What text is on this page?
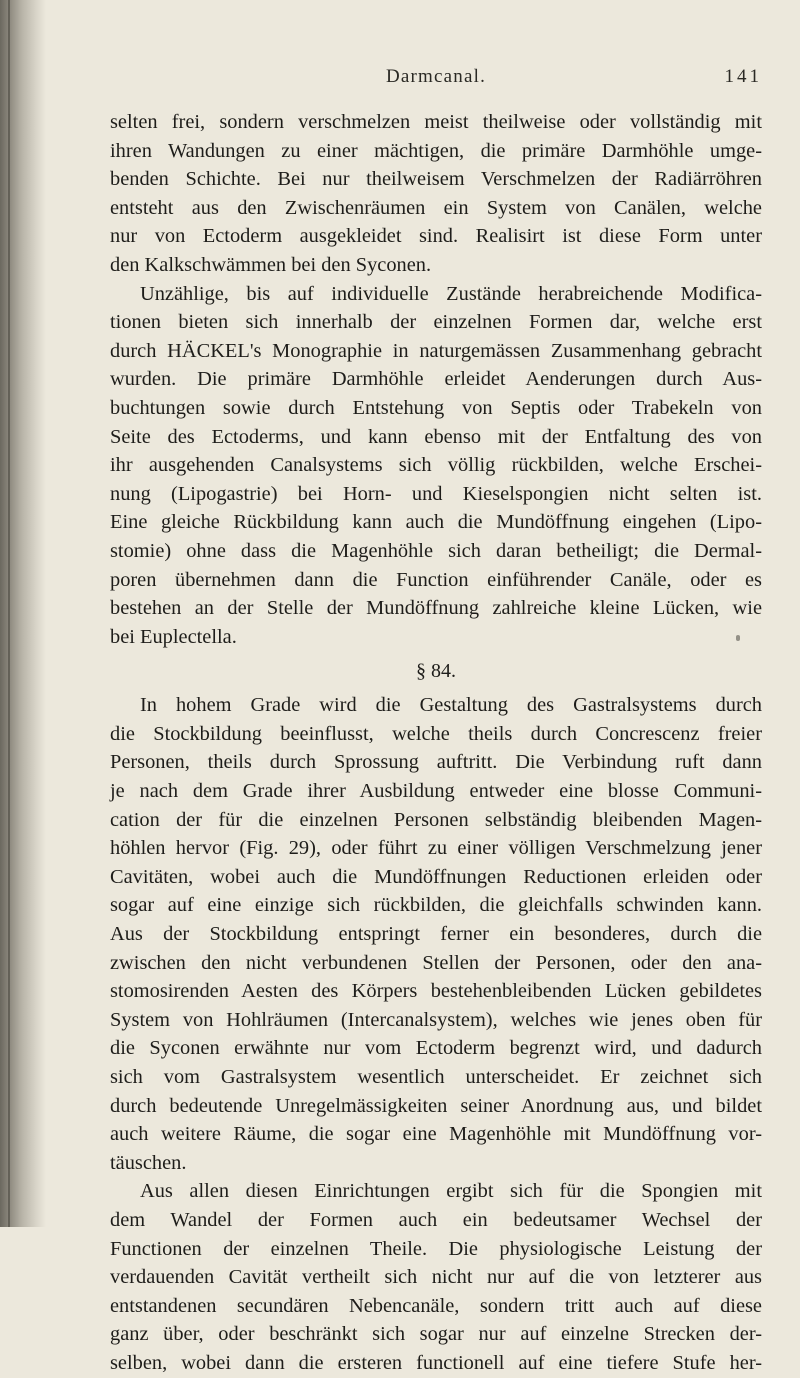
Darmcanal.	141
selten frei, sondern verschmelzen meist theilweise oder vollständig mit
ihren Wandungen zu einer mächtigen, die primäre Darmhöhle umge-
benden Schichte. Bei nur theilweisem Verschmelzen der Radiärröhren
entsteht aus den Zwischenräumen ein System von Canälen, welche
nur von Ectoderm ausgekleidet sind. Realisirt ist diese Form unter
den Kalkschwämmen bei den Syconen.
Unzählige, bis auf individuelle Zustände herabreichende Modifica-
tionen bieten sich innerhalb der einzelnen Formen dar, welche erst
durch HÄCKEL's Monographie in naturgemässen Zusammenhang gebracht
wurden. Die primäre Darmhöhle erleidet Aenderungen durch Aus-
buchtungen sowie durch Entstehung von Septis oder Trabekeln von
Seite des Ectoderms, und kann ebenso mit der Entfaltung des von
ihr ausgehenden Canalsystems sich völlig rückbilden, welche Erschei-
nung (Lipogastrie) bei Horn- und Kieselspongien nicht selten ist.
Eine gleiche Rückbildung kann auch die Mundöffnung eingehen (Lipo-
stomie) ohne dass die Magenhöhle sich daran betheiligt; die Dermal-
poren übernehmen dann die Function einführender Canäle, oder es
bestehen an der Stelle der Mundöffnung zahlreiche kleine Lücken, wie
bei Euplectella.
§ 84.
In hohem Grade wird die Gestaltung des Gastralsystems durch
die Stockbildung beeinflusst, welche theils durch Concrescenz freier
Personen, theils durch Sprossung auftritt. Die Verbindung ruft dann
je nach dem Grade ihrer Ausbildung entweder eine blosse Communi-
cation der für die einzelnen Personen selbständig bleibenden Magen-
höhlen hervor (Fig. 29), oder führt zu einer völligen Verschmelzung jener
Cavitäten, wobei auch die Mundöffnungen Reductionen erleiden oder
sogar auf eine einzige sich rückbilden, die gleichfalls schwinden kann.
Aus der Stockbildung entspringt ferner ein besonderes, durch die
zwischen den nicht verbundenen Stellen der Personen, oder den ana-
stomosirenden Aesten des Körpers bestehenbleibenden Lücken gebildetes
System von Hohlräumen (Intercanalsystem), welches wie jenes oben für
die Syconen erwähnte nur vom Ectoderm begrenzt wird, und dadurch
sich vom Gastralsystem wesentlich unterscheidet. Er zeichnet sich
durch bedeutende Unregelmässigkeiten seiner Anordnung aus, und bildet
auch weitere Räume, die sogar eine Magenhöhle mit Mundöffnung vor-
täuschen.
Aus allen diesen Einrichtungen ergibt sich für die Spongien mit
dem Wandel der Formen auch ein bedeutsamer Wechsel der
Functionen der einzelnen Theile. Die physiologische Leistung der
verdauenden Cavität vertheilt sich nicht nur auf die von letzterer aus
entstandenen secundären Nebencanäle, sondern tritt auch auf diese
ganz über, oder beschränkt sich sogar nur auf einzelne Strecken der-
selben, wobei dann die ersteren functionell auf eine tiefere Stufe her-
